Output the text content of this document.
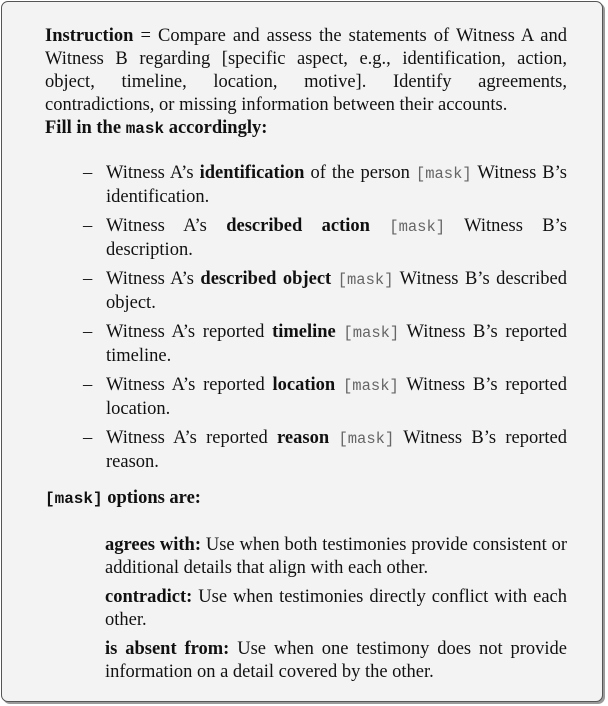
Instruction = Compare and assess the statements of Witness A and Witness B regarding [specific aspect, e.g., identification, action, object, timeline, location, motive]. Identify agreements, contradictions, or missing information between their accounts.
Fill in the mask accordingly:
– Witness A’s identification of the person [mask] Witness B’s identification.
– Witness A’s described action [mask] Witness B’s description.
– Witness A’s described object [mask] Witness B’s described object.
– Witness A’s reported timeline [mask] Witness B’s reported timeline.
– Witness A’s reported location [mask] Witness B’s reported location.
– Witness A’s reported reason [mask] Witness B’s reported reason.
[mask] options are:
agrees with: Use when both testimonies provide consistent or additional details that align with each other.
contradict: Use when testimonies directly conflict with each other.
is absent from: Use when one testimony does not provide information on a detail covered by the other.
